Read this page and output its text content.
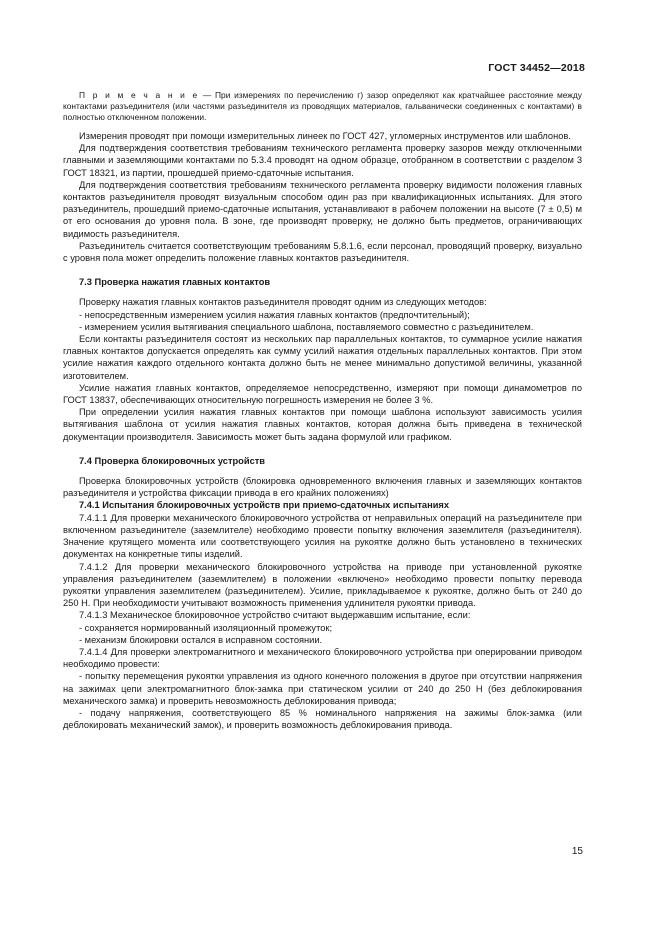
ГОСТ 34452—2018

П р и м е ч а н и е — При измерениях по перечислению г) зазор определяют как кратчайшее расстояние между контактами разъединителя (или частями разъединителя из проводящих материалов, гальванически соединенных с контактами) в полностью отключенном положении.

Измерения проводят при помощи измерительных линеек по ГОСТ 427, угломерных инструментов или шаблонов.

Для подтверждения соответствия требованиям технического регламента проверку зазоров между отключенными главными и заземляющими контактами по 5.3.4 проводят на одном образце, отобранном в соответствии с разделом 3 ГОСТ 18321, из партии, прошедшей приемо-сдаточные испытания.

Для подтверждения соответствия требованиям технического регламента проверку видимости положения главных контактов разъединителя проводят визуальным способом один раз при квалификационных испытаниях. Для этого разъединитель, прошедший приемо-сдаточные испытания, устанавливают в рабочем положении на высоте (7 ± 0,5) м от его основания до уровня пола. В зоне, где производят проверку, не должно быть предметов, ограничивающих видимость разъединителя.

Разъединитель считается соответствующим требованиям 5.8.1.6, если персонал, проводящий проверку, визуально с уровня пола может определить положение главных контактов разъединителя.

7.3 Проверка нажатия главных контактов

Проверку нажатия главных контактов разъединителя проводят одним из следующих методов:

- непосредственным измерением усилия нажатия главных контактов (предпочтительный);

- измерением усилия вытягивания специального шаблона, поставляемого совместно с разъединителем.

Если контакты разъединителя состоят из нескольких пар параллельных контактов, то суммарное усилие нажатия главных контактов допускается определять как сумму усилий нажатия отдельных параллельных контактов. При этом усилие нажатия каждого отдельного контакта должно быть не менее минимально допустимой величины, указанной изготовителем.

Усилие нажатия главных контактов, определяемое непосредственно, измеряют при помощи динамометров по ГОСТ 13837, обеспечивающих относительную погрешность измерения не более 3 %.

При определении усилия нажатия главных контактов при помощи шаблона используют зависимость усилия вытягивания шаблона от усилия нажатия главных контактов, которая должна быть приведена в технической документации производителя. Зависимость может быть задана формулой или графиком.

7.4 Проверка блокировочных устройств

Проверка блокировочных устройств (блокировка одновременного включения главных и заземляющих контактов разъединителя и устройства фиксации привода в его крайних положениях)

7.4.1 Испытания блокировочных устройств при приемо-сдаточных испытаниях

7.4.1.1 Для проверки механического блокировочного устройства от неправильных операций на разъединителе при включенном разъединителе (заземлителе) необходимо провести попытку включения заземлителя (разъединителя). Значение крутящего момента или соответствующего усилия на рукоятке должно быть установлено в технических документах на конкретные типы изделий.

7.4.1.2 Для проверки механического блокировочного устройства на приводе при установленной рукоятке управления разъединителем (заземлителем) в положении «включено» необходимо провести попытку перевода рукоятки управления заземлителем (разъединителем). Усилие, прикладываемое к рукоятке, должно быть от 240 до 250 Н. При необходимости учитывают возможность применения удлинителя рукоятки привода.

7.4.1.3 Механическое блокировочное устройство считают выдержавшим испытание, если:

- сохраняется нормированный изоляционный промежуток;

- механизм блокировки остался в исправном состоянии.

7.4.1.4 Для проверки электромагнитного и механического блокировочного устройства при оперировании приводом необходимо провести:

- попытку перемещения рукоятки управления из одного конечного положения в другое при отсутствии напряжения на зажимах цепи электромагнитного блок-замка при статическом усилии от 240 до 250 Н (без деблокирования механического замка) и проверить невозможность деблокирования привода;

- подачу напряжения, соответствующего 85 % номинального напряжения на зажимы блок-замка (или деблокировать механический замок), и проверить возможность деблокирования привода.

15
